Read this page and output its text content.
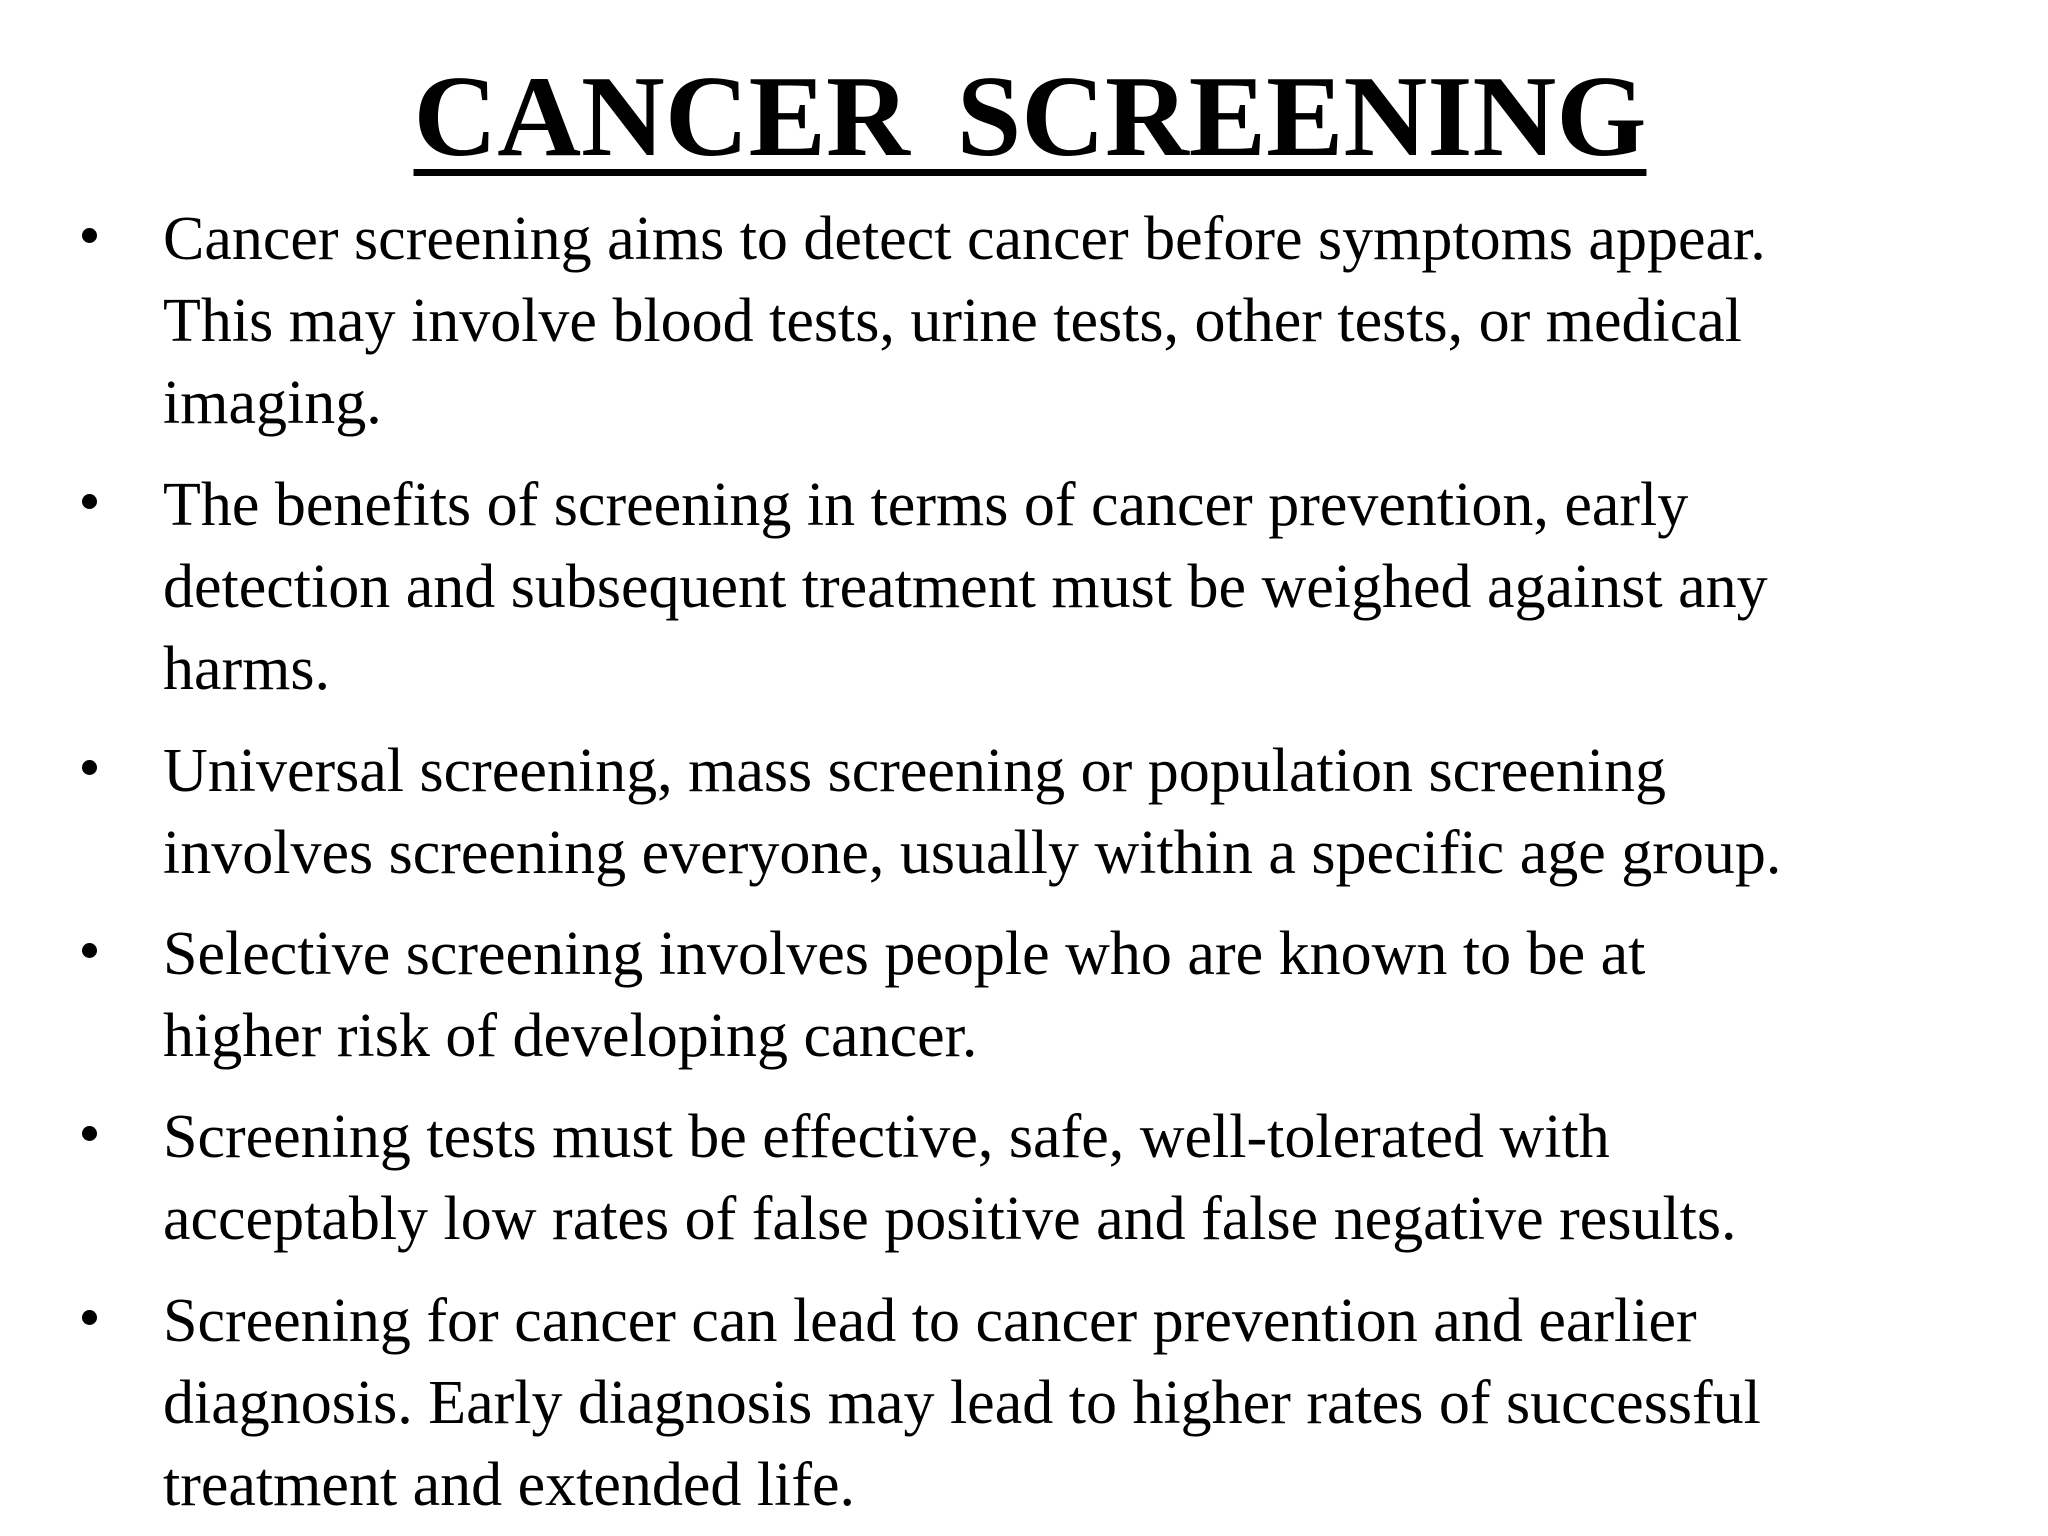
CANCER SCREENING
Cancer screening aims to detect cancer before symptoms appear.
This may involve blood tests, urine tests, other tests, or medical
imaging.
The benefits of screening in terms of cancer prevention, early
detection and subsequent treatment must be weighed against any
harms.
Universal screening, mass screening or population screening
involves screening everyone, usually within a specific age group.
Selective screening involves people who are known to be at
higher risk of developing cancer.
Screening tests must be effective, safe, well-tolerated with
acceptably low rates of false positive and false negative results.
Screening for cancer can lead to cancer prevention and earlier
diagnosis. Early diagnosis may lead to higher rates of successful
treatment and extended life.
